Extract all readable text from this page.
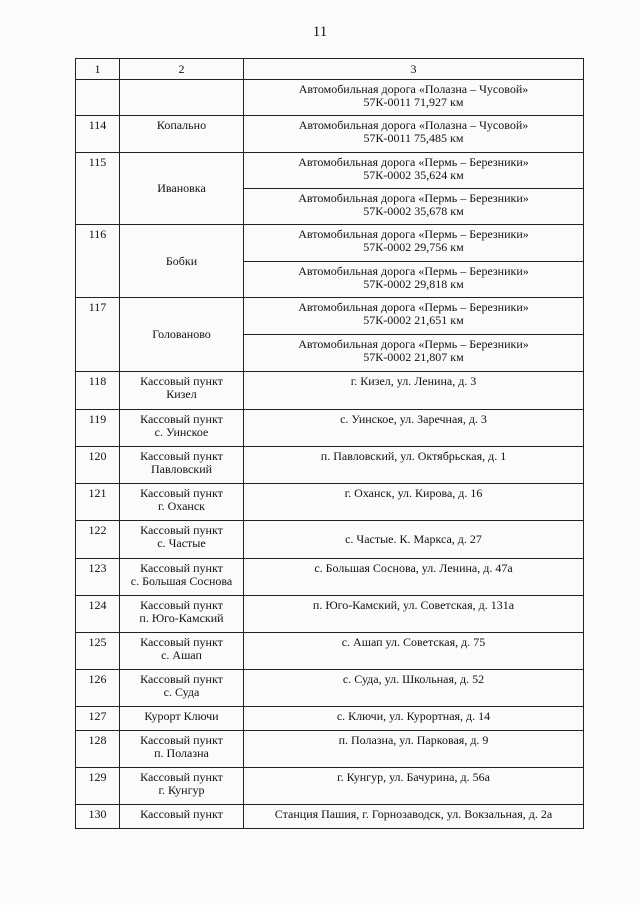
11
1	2	3

		Автомобильная дорога «Полазна – Чусовой»
57К-0011 71,927 км

114	Копально	Автомобильная дорога «Полазна – Чусовой»
57К-0011 75,485 км

115	Ивановка	Автомобильная дорога «Пермь – Березники»
57К-0002 35,624 км

		Автомобильная дорога «Пермь – Березники»
57К-0002 35,678 км

116	Бобки	Автомобильная дорога «Пермь – Березники»
57К-0002 29,756 км

		Автомобильная дорога «Пермь – Березники»
57К-0002 29,818 км

117	Голованово	Автомобильная дорога «Пермь – Березники»
57К-0002 21,651 км

		Автомобильная дорога «Пермь – Березники»
57К-0002 21,807 км

118	Кассовый пункт
Кизел	г. Кизел, ул. Ленина, д. 3

119	Кассовый пункт
с. Уинское	с. Уинское, ул. Заречная, д. 3

120	Кассовый пункт
Павловский	п. Павловский, ул. Октябрьская, д. 1

121	Кассовый пункт
г. Оханск	г. Оханск, ул. Кирова, д. 16

122	Кассовый пункт
с. Частые	с. Частые. К. Маркса, д. 27

123	Кассовый пункт
с. Большая Соснова	с. Большая Соснова, ул. Ленина, д. 47а

124	Кассовый пункт
п. Юго-Камский	п. Юго-Камский, ул. Советская, д. 131а

125	Кассовый пункт
с. Ашап	с. Ашап ул. Советская, д. 75

126	Кассовый пункт
с. Суда	с. Суда, ул. Школьная, д. 52

127	Курорт Ключи	с. Ключи, ул. Курортная, д. 14

128	Кассовый пункт
п. Полазна	п. Полазна, ул. Парковая, д. 9

129	Кассовый пункт
г. Кунгур	г. Кунгур, ул. Бачурина, д. 56а

130	Кассовый пункт	Станция Пашия, г. Горнозаводск, ул. Вокзальная, д. 2а
